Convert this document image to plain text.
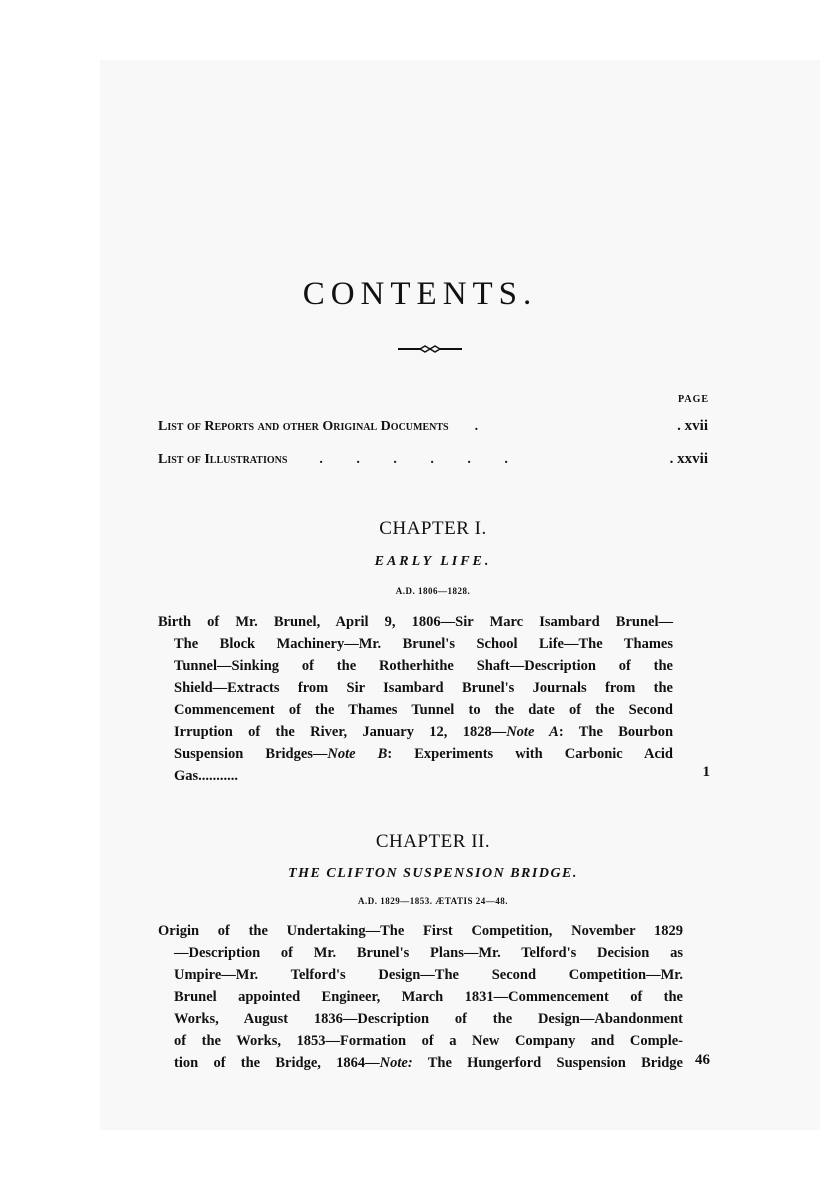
CONTENTS.
PAGE
List of Reports and other Original Documents	.	. xvii
List of Illustrations	. . . . . .	. xxvii
CHAPTER I.
EARLY LIFE.
A.D. 1806—1828.
Birth of Mr. Brunel, April 9, 1806—Sir Marc Isambard Brunel—
The Block Machinery—Mr. Brunel's School Life—The Thames
Tunnel—Sinking of the Rotherhithe Shaft—Description of the
Shield—Extracts from Sir Isambard Brunel's Journals from the
Commencement of the Thames Tunnel to the date of the Second
Irruption of the River, January 12, 1828—Note A: The Bourbon
Suspension Bridges—Note B: Experiments with Carbonic Acid
Gas...........	1
CHAPTER II.
THE CLIFTON SUSPENSION BRIDGE.
A.D. 1829—1853. ÆTATIS 24—48.
Origin of the Undertaking—The First Competition, November 1829
—Description of Mr. Brunel's Plans—Mr. Telford's Decision as
Umpire—Mr. Telford's Design—The Second Competition—Mr.
Brunel appointed Engineer, March 1831—Commencement of the
Works, August 1836—Description of the Design—Abandonment
of the Works, 1853—Formation of a New Company and Comple-
tion of the Bridge, 1864—Note: The Hungerford Suspension Bridge 46
